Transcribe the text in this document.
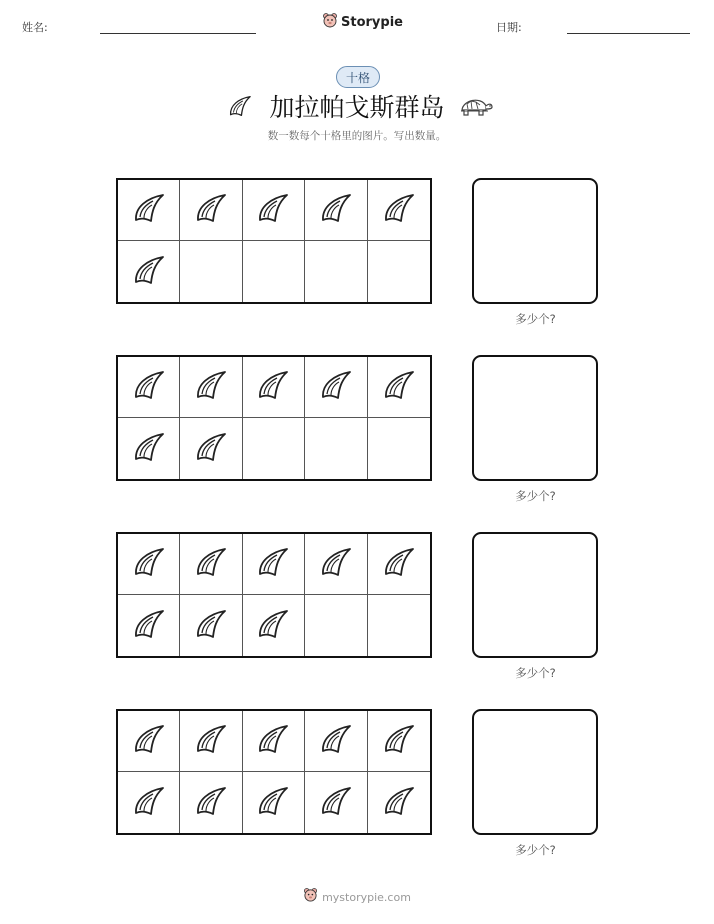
姓名:	Storypie	日期:
十格
加拉帕戈斯群岛
数一数每个十格里的图片。写出数量。
多少个?
多少个?
多少个?
多少个?
mystorypie.com
